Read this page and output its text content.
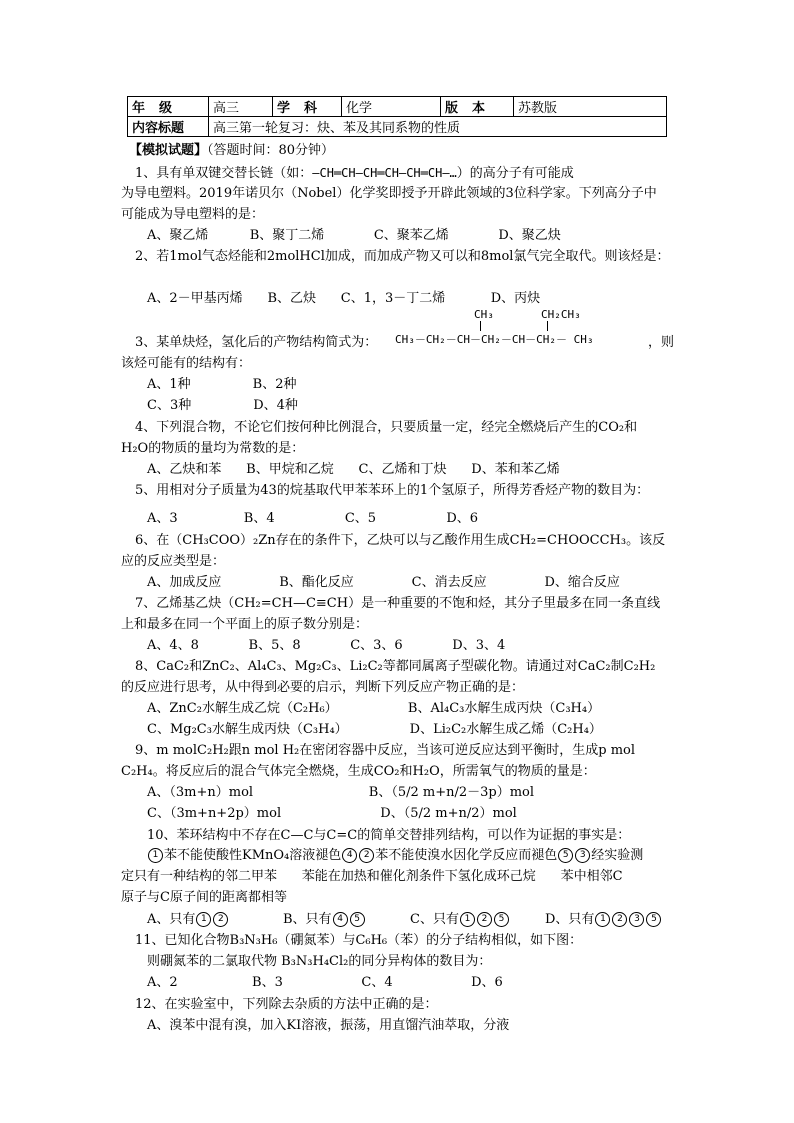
年级	高三	学科	化学	版本	苏教版
内容标题	高三第一轮复习：炔、苯及其同系物的性质				
【模拟试题】（答题时间：80分钟）
1、具有单双键交替长链（如：—CH═CH—CH═CH—CH═CH—…）的高分子有可能成
为导电塑料。2019年诺贝尔（Nobel）化学奖即授予开辟此领域的3位科学家。下列高分子中
可能成为导电塑料的是：
A、聚乙烯          B、聚丁二烯            C、聚苯乙烯            D、聚乙炔
2、若1mol气态烃能和2molHCl加成，而加成产物又可以和8mol氯气完全取代。则该烃是：
A、2－甲基丙烯      B、乙炔      C、1，3－丁二烯           D、丙炔
3、某单炔烃，氢化后的产物结构简式为：
CH₃	CH₂CH₃
CH₃－CH₂－CH－CH₂－CH－CH₂－ CH₃	，则
该烃可能有的结构有：
A、1种               B、2种
C、3种               D、4种
4、下列混合物，不论它们按何种比例混合，只要质量一定，经完全燃烧后产生的CO₂和
H₂O的物质的量均为常数的是：
A、乙炔和苯      B、甲烷和乙烷      C、乙烯和丁炔      D、苯和苯乙烯
5、用相对分子质量为43的烷基取代甲苯苯环上的1个氢原子，所得芳香烃产物的数目为：
A、3                B、4                 C、5                 D、6
6、在（CH₃COO）₂Zn存在的条件下，乙炔可以与乙酸作用生成CH₂=CHOOCCH₃。该反
应的反应类型是：
A、加成反应              B、酯化反应              C、消去反应              D、缩合反应
7、乙烯基乙炔（CH₂=CH—C≡CH）是一种重要的不饱和烃，其分子里最多在同一条直线
上和最多在同一个平面上的原子数分别是：
A、4、8            B、5、8            C、3、6            D、3、4
8、CaC₂和ZnC₂、Al₄C₃、Mg₂C₃、Li₂C₂等都同属离子型碳化物。请通过对CaC₂制C₂H₂
的反应进行思考，从中得到必要的启示，判断下列反应产物正确的是：
A、ZnC₂水解生成乙烷（C₂H₆）                 B、Al₄C₃水解生成丙炔（C₃H₄）
C、Mg₂C₃水解生成丙炔（C₃H₄）               D、Li₂C₂水解生成乙烯（C₂H₄）
9、m molC₂H₂跟n mol H₂在密闭容器中反应，当该可逆反应达到平衡时，生成p mol
C₂H₄。将反应后的混合气体完全燃烧，生成CO₂和H₂O，所需氧气的物质的量是：
A、（3m+n）mol                            B、（5/2 m+n/2－3p）mol
C、（3m+n+2p）mol                        D、（5/2 m+n/2）mol
10、苯环结构中不存在C—C与C=C的简单交替排列结构，可以作为证据的事实是：
1 苯不能使酸性KMnO₄溶液褪色 4 2 苯不能使溴水因化学反应而褪色 5 3 经实验测
定只有一种结构的邻二甲苯      苯能在加热和催化剂条件下氢化成环己烷      苯中相邻C
原子与C原子间的距离都相等
A、只有 1 2	B、只有 4 5	C、只有 1 2 5	D、只有 1 2 3 5
11、已知化合物B₃N₃H₆（硼氮苯）与C₆H₆（苯）的分子结构相似，如下图：
则硼氮苯的二氯取代物 B₃N₃H₄Cl₂的同分异构体的数目为：
A、2                  B、3                   C、4                   D、6
12、在实验室中，下列除去杂质的方法中正确的是：
A、溴苯中混有溴，加入KI溶液，振荡，用直馏汽油萃取，分液
